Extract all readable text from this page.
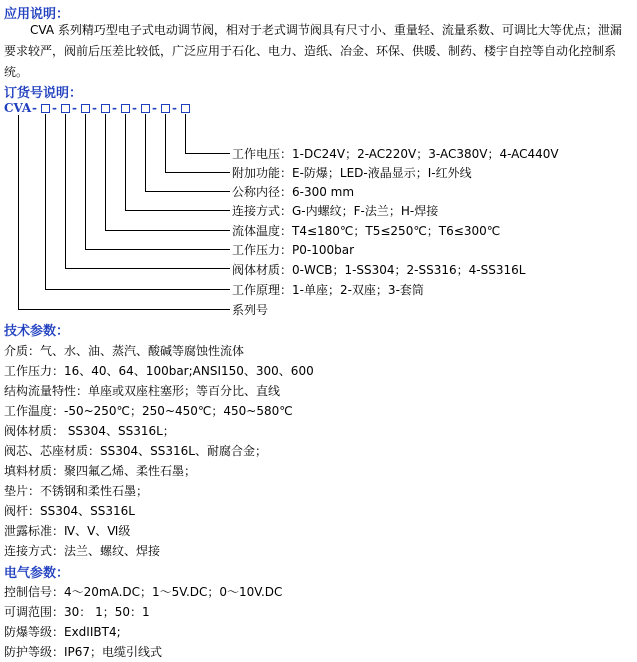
应用说明：
CVA 系列精巧型电子式电动调节阀，相对于老式调节阀具有尺寸小、重量轻、流量系数、可调比大等优点；泄漏要求较严，阀前后压差比较低，广泛应用于石化、电力、造纸、冶金、环保、供暖、制药、楼宇自控等自动化控制系统。
订货号说明：
CVA - - - - - - - -
工作电压：1-DC24V；2-AC220V；3-AC380V；4-AC440V
附加功能：E-防爆；LED-液晶显示；I-红外线
公称内径：6-300 mm
连接方式：G-内螺纹；F-法兰；H-焊接
流体温度：T4≤180℃；T5≤250℃；T6≤300℃
工作压力：P0-100bar
阀体材质：0-WCB；1-SS304；2-SS316；4-SS316L
工作原理：1-单座；2-双座；3-套筒
系列号
技术参数：
介质：气、水、油、蒸汽、酸碱等腐蚀性流体
工作压力：16、40、64、100bar;ANSI150、300、600
结构流量特性：单座或双座柱塞形；等百分比、直线
工作温度：-50~250℃；250~450℃；450~580℃
阀体材质： SS304、SS316L；
阀芯、芯座材质：SS304、SS316L、耐腐合金；
填料材质：聚四氟乙烯、柔性石墨；
垫片：不锈钢和柔性石墨；
阀杆：SS304、SS316L
泄露标准：Ⅳ、Ⅴ、Ⅵ级
连接方式：法兰、螺纹、焊接
电气参数：
控制信号：4～20mA.DC；1～5V.DC；0～10V.DC
可调范围：30： 1；50：1
防爆等级：ExdIIBT4;
防护等级：IP67；电缆引线式
